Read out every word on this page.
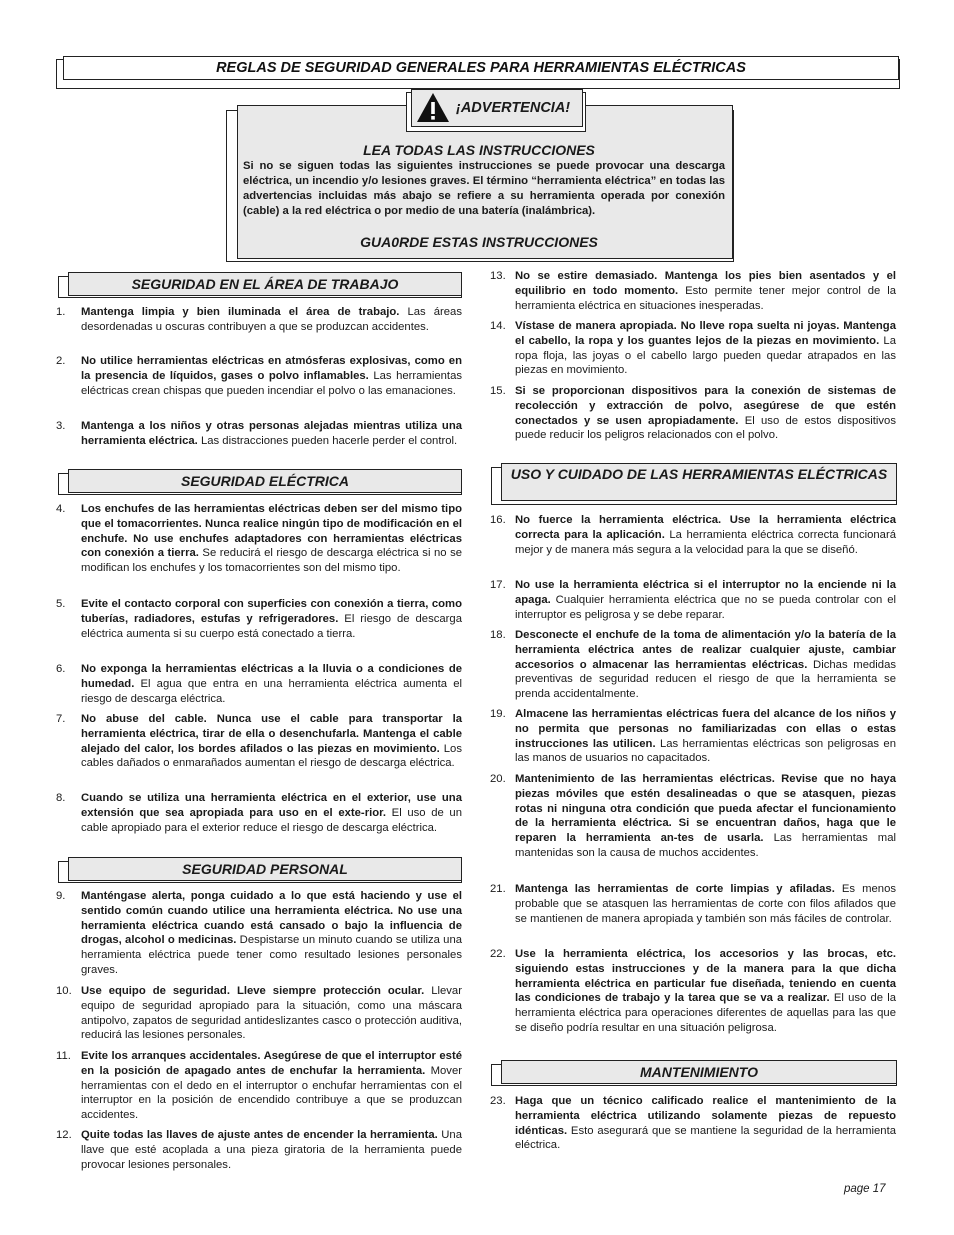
REGLAS DE SEGURIDAD GENERALES PARA HERRAMIENTAS ELÉCTRICAS
¡ADVERTENCIA!
LEA TODAS LAS INSTRUCCIONES
Si no se siguen todas las siguientes instrucciones se puede provocar una descarga eléctrica, un incendio y/o lesiones graves. El término “herramienta eléctrica” en todas las advertencias incluidas más abajo se refiere a su herramienta operada por conexión (cable) a la red eléctrica o por medio de una batería (inalámbrica).
GUA0RDE ESTAS INSTRUCCIONES
SEGURIDAD EN EL ÁREA DE TRABAJO
SEGURIDAD ELÉCTRICA
SEGURIDAD PERSONAL
USO Y CUIDADO DE LAS HERRAMIENTAS ELÉCTRICAS
MANTENIMIENTO
1. Mantenga limpia y bien iluminada el área de trabajo. Las áreas desordenadas u oscuras contribuyen a que se produzcan accidentes.
2. No utilice herramientas eléctricas en atmósferas explosivas, como en la presencia de líquidos, gases o polvo inflamables. Las herramientas eléctricas crean chispas que pueden incendiar el polvo o las emanaciones.
3. Mantenga a los niños y otras personas alejadas mientras utiliza una herramienta eléctrica. Las distracciones pueden hacerle perder el control.
4. Los enchufes de las herramientas eléctricas deben ser del mismo tipo que el tomacorrientes. Nunca realice ningún tipo de modificación en el enchufe. No use enchufes adaptadores con herramientas eléctricas con conexión a tierra. Se reducirá el riesgo de descarga eléctrica si no se modifican los enchufes y los tomacorrientes son del mismo tipo.
5. Evite el contacto corporal con superficies con conexión a tierra, como tuberías, radiadores, estufas y refrigeradores. El riesgo de descarga eléctrica aumenta si su cuerpo está conectado a tierra.
6. No exponga la herramientas eléctricas a la lluvia o a condiciones de humedad. El agua que entra en una herramienta eléctrica aumenta el riesgo de descarga eléctrica.
7. No abuse del cable. Nunca use el cable para transportar la herramienta eléctrica, tirar de ella o desenchufarla. Mantenga el cable alejado del calor, los bordes afilados o las piezas en movimiento. Los cables dañados o enmarañados aumentan el riesgo de descarga eléctrica.
8. Cuando se utiliza una herramienta eléctrica en el exterior, use una extensión que sea apropiada para uso en el exte-rior. El uso de un cable apropiado para el exterior reduce el riesgo de descarga eléctrica.
9. Manténgase alerta, ponga cuidado a lo que está haciendo y use el sentido común cuando utilice una herramienta eléctrica. No use una herramienta eléctrica cuando está cansado o bajo la influencia de drogas, alcohol o medicinas. Despistarse un minuto cuando se utiliza una herramienta eléctrica puede tener como resultado lesiones personales graves.
10. Use equipo de seguridad. Lleve siempre protección ocular. Llevar equipo de seguridad apropiado para la situación, como una máscara antipolvo, zapatos de seguridad antideslizantes casco o protección auditiva, reducirá las lesiones personales.
11. Evite los arranques accidentales. Asegúrese de que el interruptor esté en la posición de apagado antes de enchufar la herramienta. Mover herramientas con el dedo en el interruptor o enchufar herramientas con el interruptor en la posición de encendido contribuye a que se produzcan accidentes.
12. Quite todas las llaves de ajuste antes de encender la herramienta. Una llave que esté acoplada a una pieza giratoria de la herramienta puede provocar lesiones personales.
13. No se estire demasiado. Mantenga los pies bien asentados y el equilibrio en todo momento. Esto permite tener mejor control de la herramienta eléctrica en situaciones inesperadas.
14. Vístase de manera apropiada. No lleve ropa suelta ni joyas. Mantenga el cabello, la ropa y los guantes lejos de la piezas en movimiento. La ropa floja, las joyas o el cabello largo pueden quedar atrapados en las piezas en movimiento.
15. Si se proporcionan dispositivos para la conexión de sistemas de recolección y extracción de polvo, asegúrese de que estén conectados y se usen apropiadamente. El uso de estos dispositivos puede reducir los peligros relacionados con el polvo.
16. No fuerce la herramienta eléctrica. Use la herramienta eléctrica correcta para la aplicación. La herramienta eléctrica correcta funcionará mejor y de manera más segura a la velocidad para la que se diseñó.
17. No use la herramienta eléctrica si el interruptor no la enciende ni la apaga. Cualquier herramienta eléctrica que no se pueda controlar con el interruptor es peligrosa y se debe reparar.
18. Desconecte el enchufe de la toma de alimentación y/o la batería de la herramienta eléctrica antes de realizar cualquier ajuste, cambiar accesorios o almacenar las herramientas eléctricas. Dichas medidas preventivas de seguridad reducen el riesgo de que la herramienta se prenda accidentalmente.
19. Almacene las herramientas eléctricas fuera del alcance de los niños y no permita que personas no familiarizadas con ellas o estas instrucciones las utilicen. Las herramientas eléctricas son peligrosas en las manos de usuarios no capacitados.
20. Mantenimiento de las herramientas eléctricas. Revise que no haya piezas móviles que estén desalineadas o que se atasquen, piezas rotas ni ninguna otra condición que pueda afectar el funcionamiento de la herramienta eléctrica. Si se encuentran daños, haga que le reparen la herramienta an-tes de usarla. Las herramientas mal mantenidas son la causa de muchos accidentes.
21. Mantenga las herramientas de corte limpias y afiladas. Es menos probable que se atasquen las herramientas de corte con filos afilados que se mantienen de manera apropiada y también son más fáciles de controlar.
22. Use la herramienta eléctrica, los accesorios y las brocas, etc. siguiendo estas instrucciones y de la manera para la que dicha herramienta eléctrica en particular fue diseñada, teniendo en cuenta las condiciones de trabajo y la tarea que se va a realizar. El uso de la herramienta eléctrica para operaciones diferentes de aquellas para las que se diseño podría resultar en una situación peligrosa.
23. Haga que un técnico calificado realice el mantenimiento de la herramienta eléctrica utilizando solamente piezas de repuesto idénticas. Esto asegurará que se mantiene la seguridad de la herramienta eléctrica.
page 17
